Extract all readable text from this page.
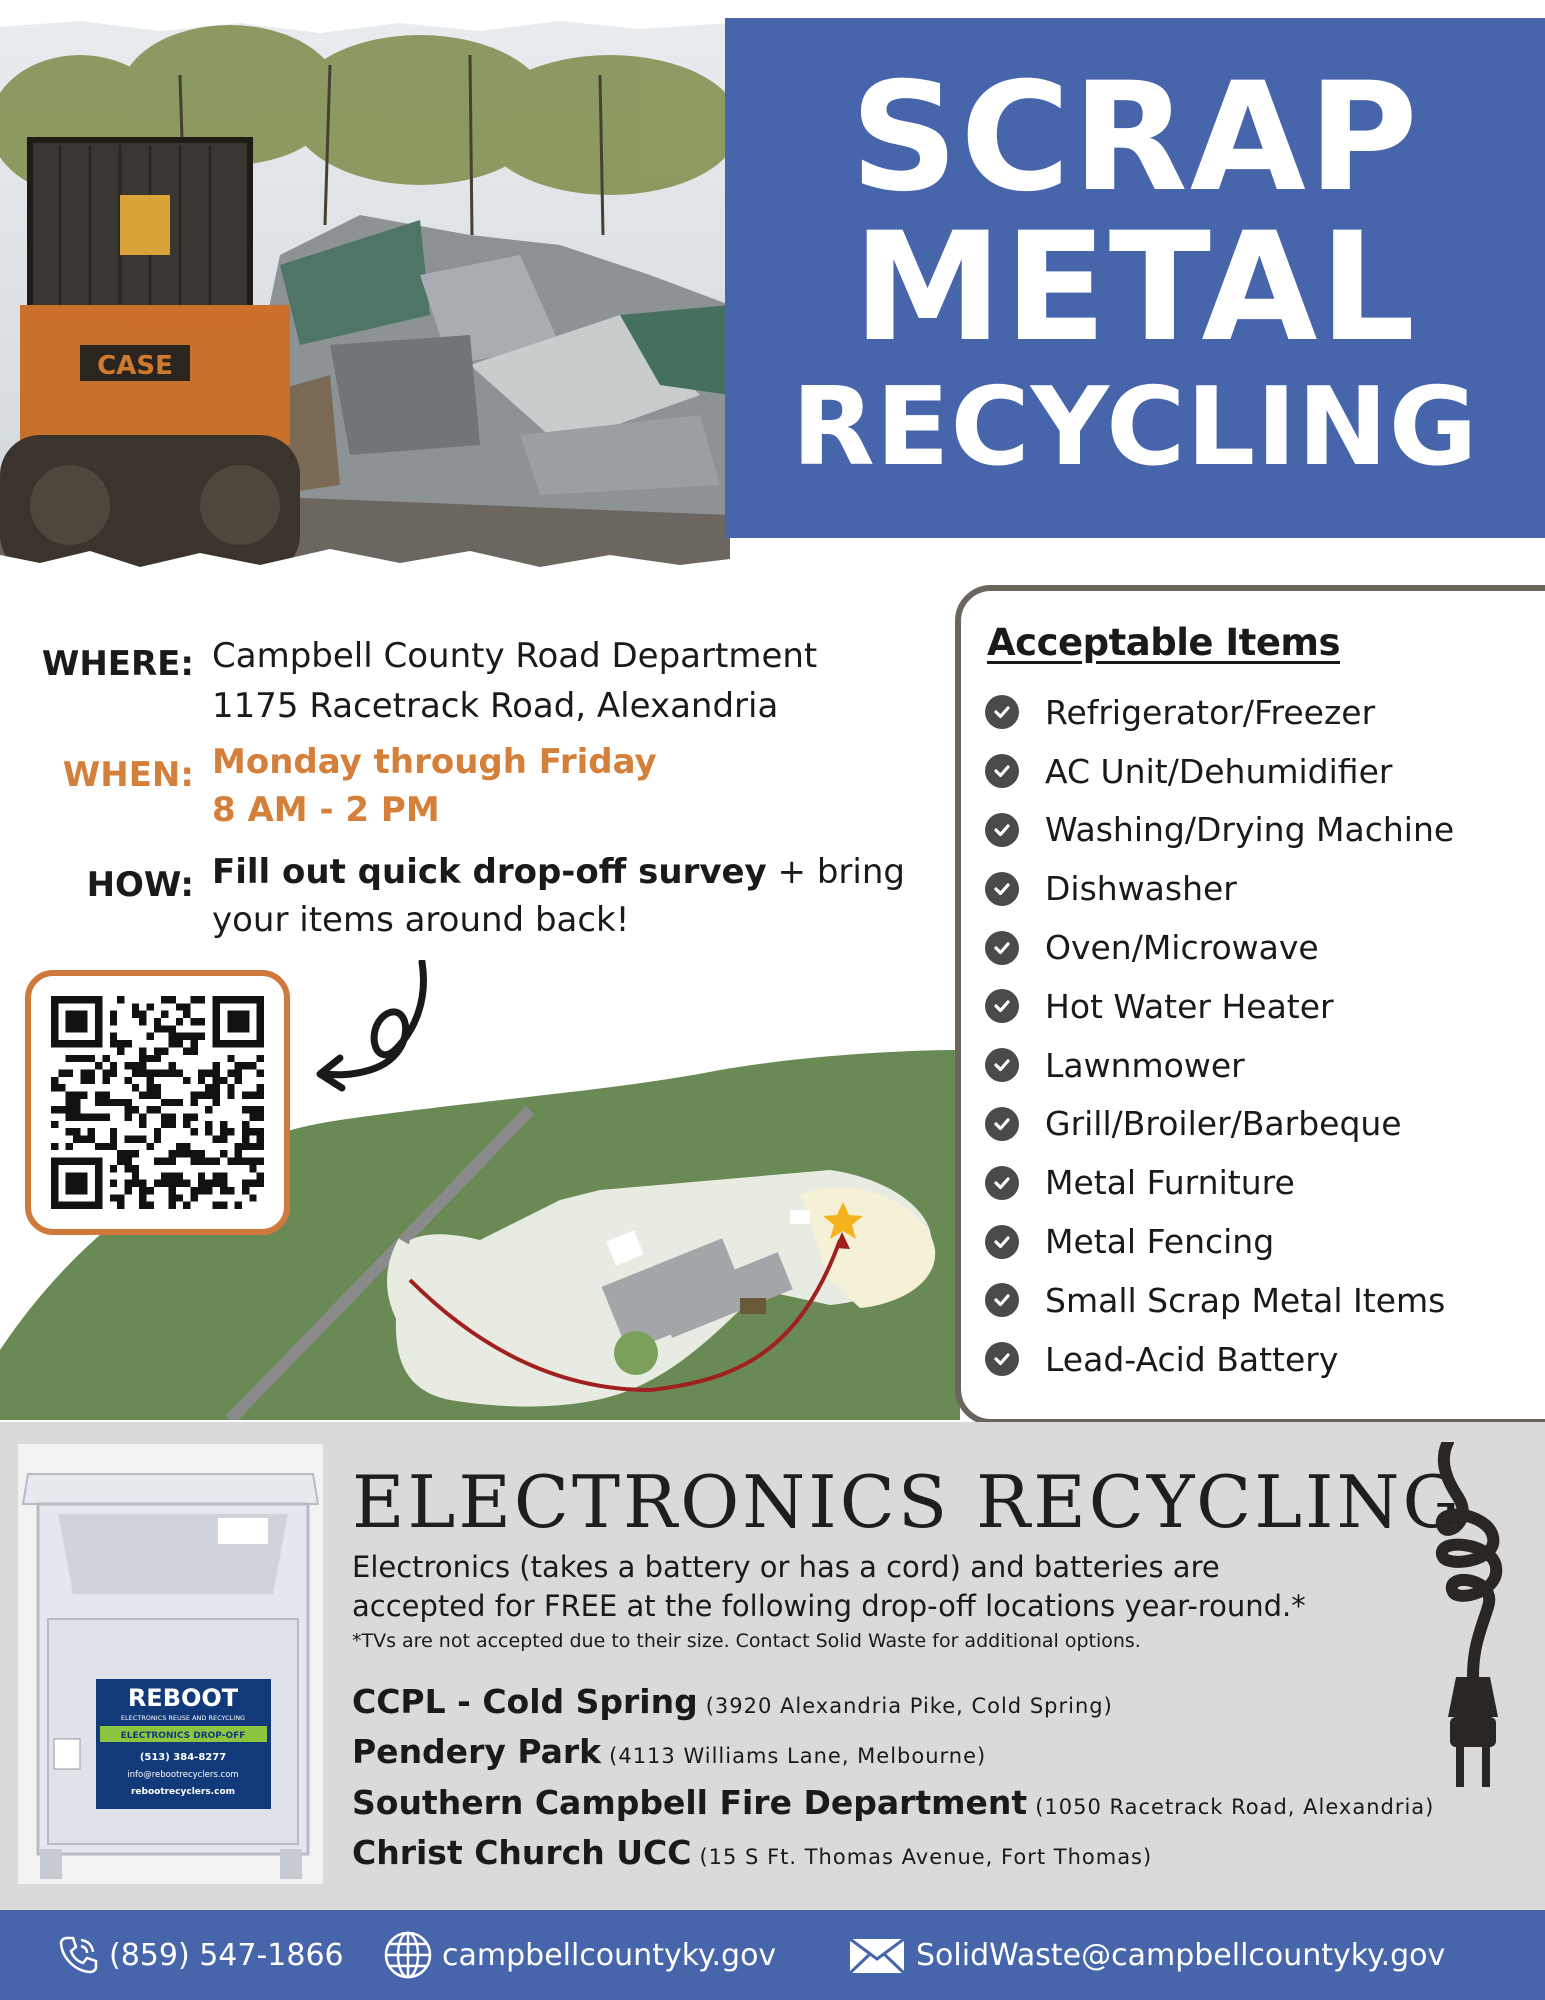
CASE
SCRAP
METAL
RECYCLING
WHERE: Campbell County Road Department
1175 Racetrack Road, Alexandria
WHEN: Monday through Friday
8 AM - 2 PM
HOW: Fill out quick drop-off survey + bring
your items around back!
Acceptable Items
Refrigerator/Freezer
AC Unit/Dehumidifier
Washing/Drying Machine
Dishwasher
Oven/Microwave
Hot Water Heater
Lawnmower
Grill/Broiler/Barbeque
Metal Furniture
Metal Fencing
Small Scrap Metal Items
Lead-Acid Battery
REBOOT
ELECTRONICS REUSE AND RECYCLING
ELECTRONICS DROP-OFF
(513) 384-8277
info@rebootrecyclers.com
rebootrecyclers.com
ELECTRONICS RECYCLING
Electronics (takes a battery or has a cord) and batteries are
accepted for FREE at the following drop-off locations year-round.*
*TVs are not accepted due to their size. Contact Solid Waste for additional options.
CCPL - Cold Spring (3920 Alexandria Pike, Cold Spring)
Pendery Park (4113 Williams Lane, Melbourne)
Southern Campbell Fire Department (1050 Racetrack Road, Alexandria)
Christ Church UCC (15 S Ft. Thomas Avenue, Fort Thomas)
(859) 547-1866	campbellcountyky.gov	SolidWaste@campbellcountyky.gov
